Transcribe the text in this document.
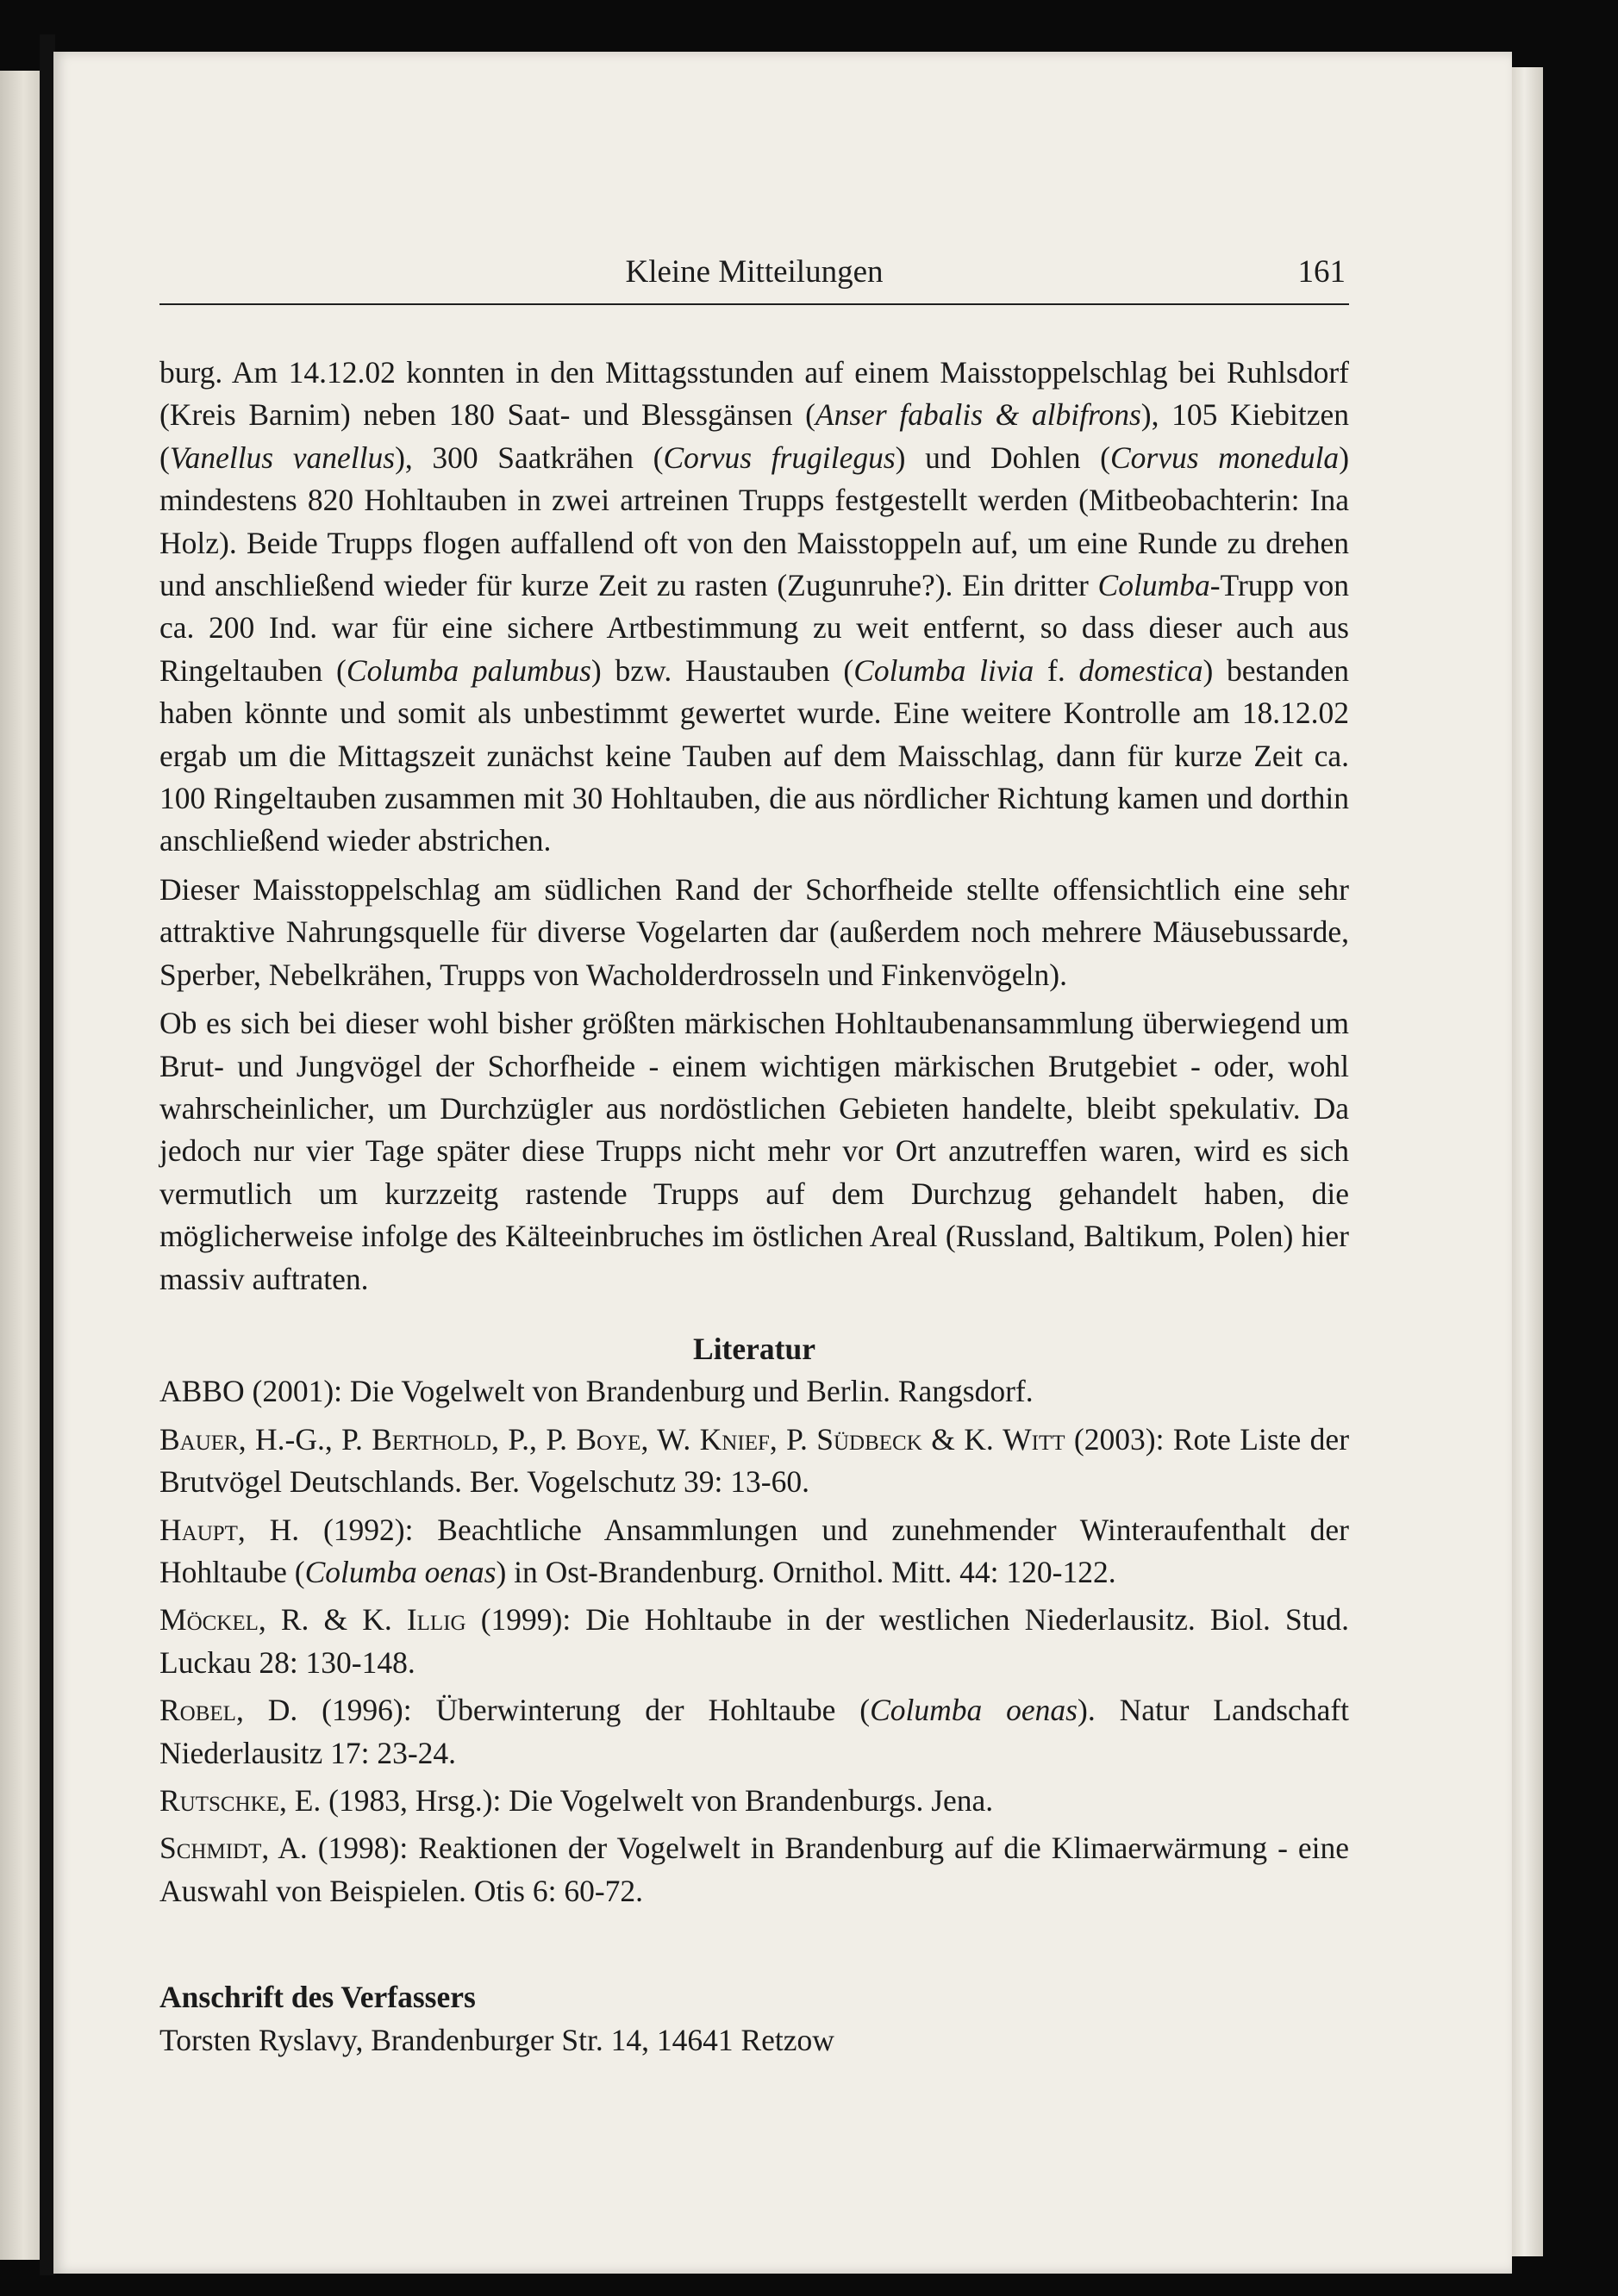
Kleine Mitteilungen	161

burg. Am 14.12.02 konnten in den Mittagsstunden auf einem Maisstoppelschlag bei Ruhlsdorf (Kreis Barnim) neben 180 Saat- und Blessgänsen (Anser fabalis & albifrons), 105 Kiebitzen (Vanellus vanellus), 300 Saatkrähen (Corvus frugilegus) und Dohlen (Corvus monedula) mindestens 820 Hohltauben in zwei artreinen Trupps festgestellt werden (Mitbeobachterin: Ina Holz). Beide Trupps flogen auffallend oft von den Maisstoppeln auf, um eine Runde zu drehen und anschließend wieder für kurze Zeit zu rasten (Zugunruhe?). Ein dritter Columba-Trupp von ca. 200 Ind. war für eine sichere Artbestimmung zu weit entfernt, so dass dieser auch aus Ringeltauben (Columba palumbus) bzw. Haustauben (Columba livia f. domestica) bestanden haben könnte und somit als unbestimmt gewertet wurde. Eine weitere Kontrolle am 18.12.02 ergab um die Mittagszeit zunächst keine Tauben auf dem Maisschlag, dann für kurze Zeit ca. 100 Ringeltauben zusammen mit 30 Hohltauben, die aus nördlicher Richtung kamen und dorthin anschließend wieder abstrichen.

Dieser Maisstoppelschlag am südlichen Rand der Schorfheide stellte offensichtlich eine sehr attraktive Nahrungsquelle für diverse Vogelarten dar (außerdem noch mehrere Mäusebussarde, Sperber, Nebelkrähen, Trupps von Wacholderdrosseln und Finkenvögeln).

Ob es sich bei dieser wohl bisher größten märkischen Hohltaubenansammlung überwiegend um Brut- und Jungvögel der Schorfheide - einem wichtigen märkischen Brutgebiet - oder, wohl wahrscheinlicher, um Durchzügler aus nordöstlichen Gebieten handelte, bleibt spekulativ. Da jedoch nur vier Tage später diese Trupps nicht mehr vor Ort anzutreffen waren, wird es sich vermutlich um kurzzeitg rastende Trupps auf dem Durchzug gehandelt haben, die möglicherweise infolge des Kälteeinbruches im östlichen Areal (Russland, Baltikum, Polen) hier massiv auftraten.

Literatur

ABBO (2001): Die Vogelwelt von Brandenburg und Berlin. Rangsdorf.

Bauer, H.-G., P. Berthold, P., P. Boye, W. Knief, P. Südbeck & K. Witt (2003): Rote Liste der Brutvögel Deutschlands. Ber. Vogelschutz 39: 13-60.

Haupt, H. (1992): Beachtliche Ansammlungen und zunehmender Winteraufenthalt der Hohltaube (Columba oenas) in Ost-Brandenburg. Ornithol. Mitt. 44: 120-122.

Möckel, R. & K. Illig (1999): Die Hohltaube in der westlichen Niederlausitz. Biol. Stud. Luckau 28: 130-148.

Robel, D. (1996): Überwinterung der Hohltaube (Columba oenas). Natur Landschaft Niederlausitz 17: 23-24.

Rutschke, E. (1983, Hrsg.): Die Vogelwelt von Brandenburgs. Jena.

Schmidt, A. (1998): Reaktionen der Vogelwelt in Brandenburg auf die Klimaerwärmung - eine Auswahl von Beispielen. Otis 6: 60-72.

Anschrift des Verfassers

Torsten Ryslavy, Brandenburger Str. 14, 14641 Retzow
